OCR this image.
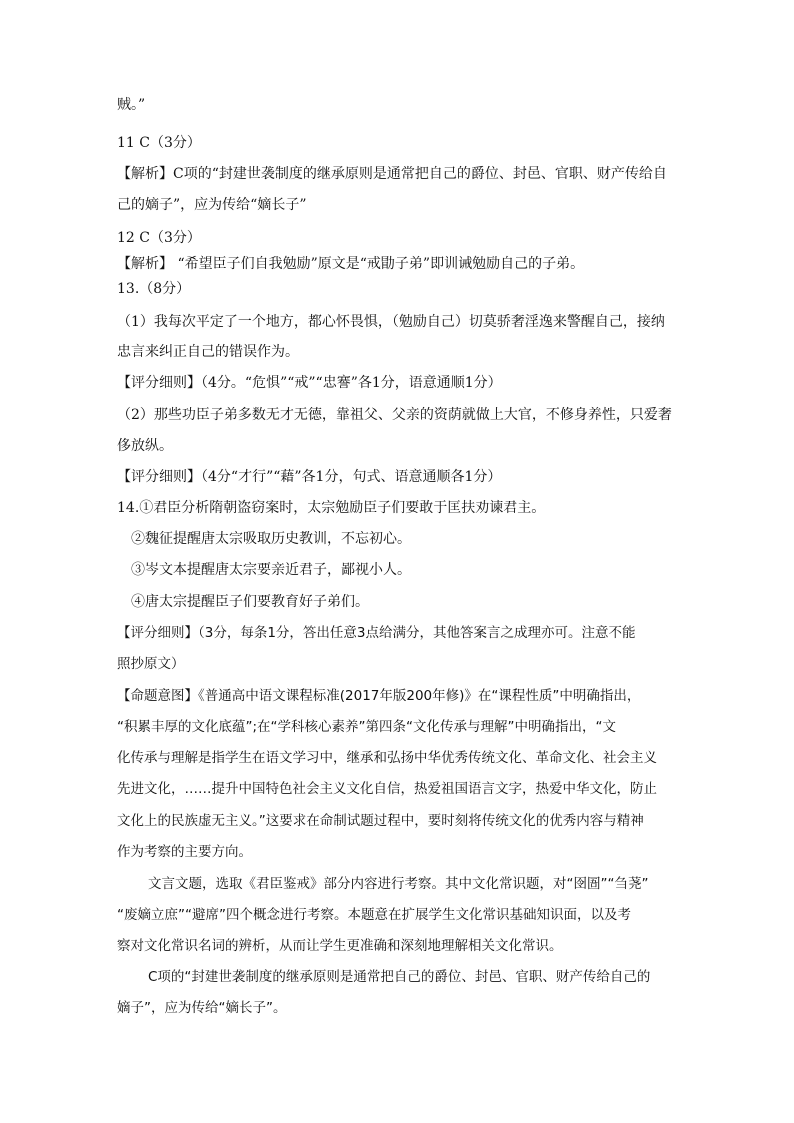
贼。”
11 C（3分）
【解析】C项的“封建世袭制度的继承原则是通常把自己的爵位、封邑、官职、财产传给自
己的嫡子”，应为传给“嫡长子”
12 C（3分）
【解析】 “希望臣子们自我勉励”原文是“戒勖子弟”即训诫勉励自己的子弟。
13.（8分）
（1）我每次平定了一个地方，都心怀畏惧，（勉励自己）切莫骄奢淫逸来警醒自己，接纳
忠言来纠正自己的错误作为。
【评分细则】（4分。“危惧”“戒”“忠謇”各1分，语意通顺1分）
（2）那些功臣子弟多数无才无德，靠祖父、父亲的资荫就做上大官，不修身养性，只爱奢
侈放纵。
【评分细则】（4分“才行”“藉”各1分，句式、语意通顺各1分）
14.①君臣分析隋朝盗窃案时，太宗勉励臣子们要敢于匡扶劝谏君主。
②魏征提醒唐太宗吸取历史教训，不忘初心。
③岑文本提醒唐太宗要亲近君子，鄙视小人。
④唐太宗提醒臣子们要教育好子弟们。
【评分细则】（3分，每条1分，答出任意3点给满分，其他答案言之成理亦可。注意不能
照抄原文）
【命题意图】《普通高中语文课程标准(2017年版200年修)》在“课程性质”中明确指出，
“积累丰厚的文化底蕴”;在“学科核心素养”第四条“文化传承与理解”中明确指出，“文
化传承与理解是指学生在语文学习中，继承和弘扬中华优秀传统文化、革命文化、社会主义
先进文化，……提升中国特色社会主义文化自信，热爱祖国语言文字，热爱中华文化，防止
文化上的民族虚无主义。”这要求在命制试题过程中，要时刻将传统文化的优秀内容与精神
作为考察的主要方向。
文言文题，选取《君臣鉴戒》部分内容进行考察。其中文化常识题，对“囹圄”“刍荛”
“废嫡立庶”“避席”四个概念进行考察。本题意在扩展学生文化常识基础知识面，以及考
察对文化常识名词的辨析，从而让学生更准确和深刻地理解相关文化常识。
C项的“封建世袭制度的继承原则是通常把自己的爵位、封邑、官职、财产传给自己的
嫡子”，应为传给“嫡长子”。
